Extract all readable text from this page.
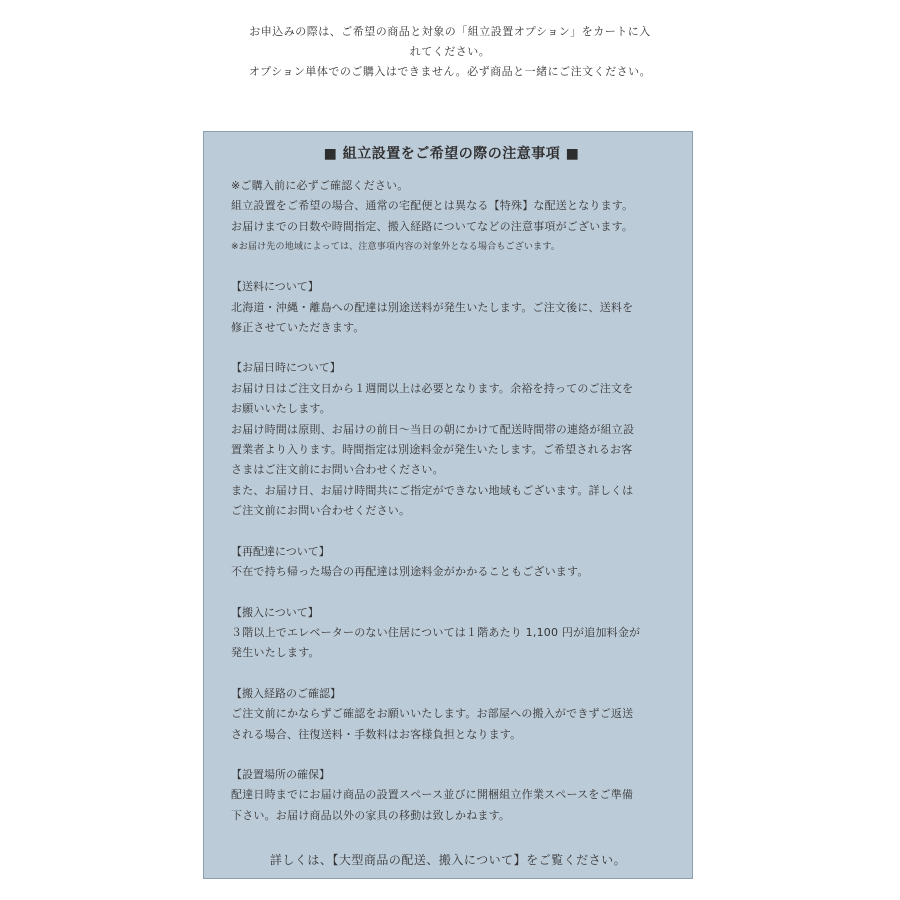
お申込みの際は、ご希望の商品と対象の「組立設置オプション」をカートに入
れてください。
オプション単体でのご購入はできません。必ず商品と一緒にご注文ください。
■ 組立設置をご希望の際の注意事項 ■
※ご購入前に必ずご確認ください。
組立設置をご希望の場合、通常の宅配便とは異なる【特殊】な配送となります。
お届けまでの日数や時間指定、搬入経路についてなどの注意事項がございます。
※お届け先の地域によっては、注意事項内容の対象外となる場合もございます。
【送料について】
北海道・沖縄・離島への配達は別途送料が発生いたします。ご注文後に、送料を
修正させていただきます。
【お届日時について】
お届け日はご注文日から１週間以上は必要となります。余裕を持ってのご注文を
お願いいたします。
お届け時間は原則、お届けの前日～当日の朝にかけて配送時間帯の連絡が組立設
置業者より入ります。時間指定は別途料金が発生いたします。ご希望されるお客
さまはご注文前にお問い合わせください。
また、お届け日、お届け時間共にご指定ができない地域もございます。詳しくは
ご注文前にお問い合わせください。
【再配達について】
不在で持ち帰った場合の再配達は別途料金がかかることもございます。
【搬入について】
３階以上でエレベーターのない住居については１階あたり 1,100 円が追加料金が
発生いたします。
【搬入経路のご確認】
ご注文前にかならずご確認をお願いいたします。お部屋への搬入ができずご返送
される場合、往復送料・手数料はお客様負担となります。
【設置場所の確保】
配達日時までにお届け商品の設置スペース並びに開梱組立作業スペースをご準備
下さい。お届け商品以外の家具の移動は致しかねます。
詳しくは、【大型商品の配送、搬入について】をご覧ください。
